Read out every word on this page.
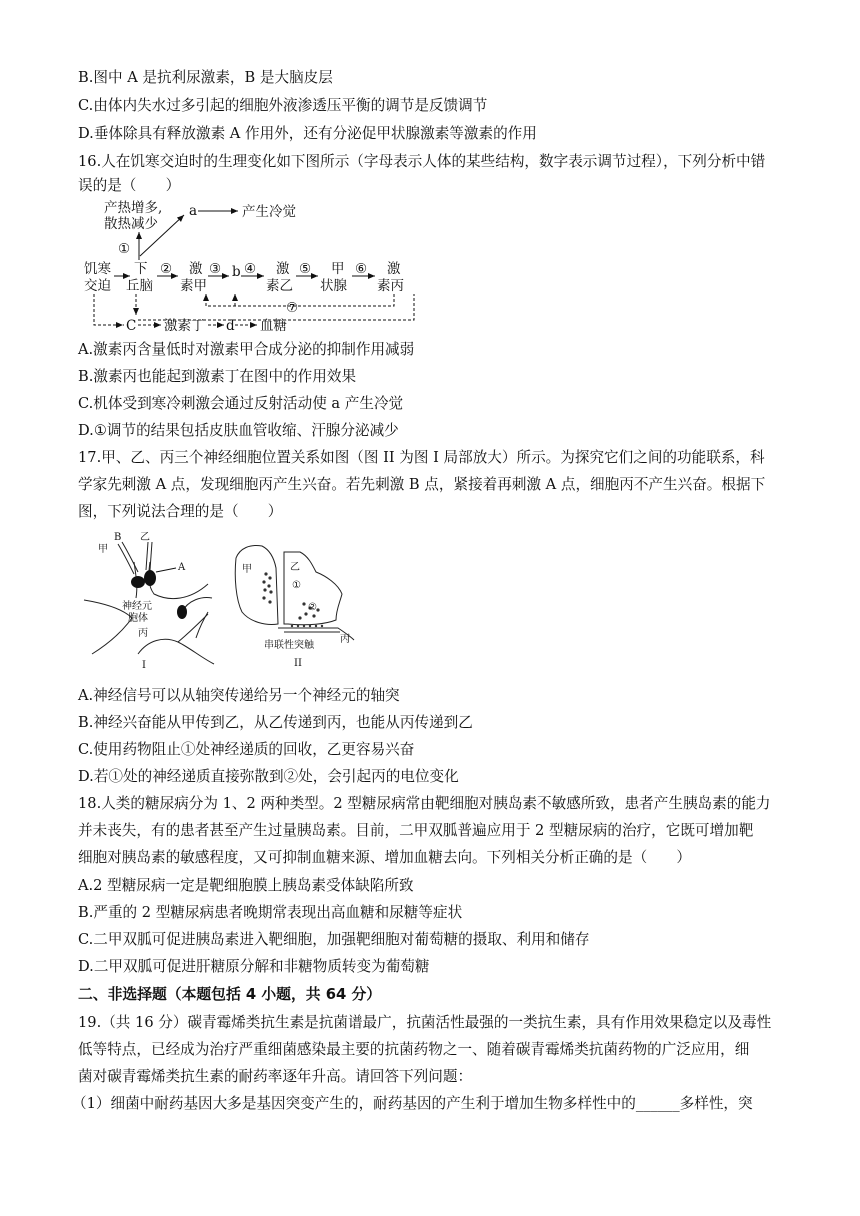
B.图中 A 是抗利尿激素，B 是大脑皮层
C.由体内失水过多引起的细胞外液渗透压平衡的调节是反馈调节
D.垂体除具有释放激素 A 作用外，还有分泌促甲状腺激素等激素的作用
16.人在饥寒交迫时的生理变化如下图所示（字母表示人体的某些结构，数字表示调节过程），下列分析中错
误的是（　　）
产热增多,
散热减少
a	产生冷觉
①
饥寒
交迫
下
丘脑
② 激
素甲
③ b ④ 激
素乙
⑤ 甲
状腺
⑥ 激
素丙
⑦
C 激素丁 d 血糖
A.激素丙含量低时对激素甲合成分泌的抑制作用减弱
B.激素丙也能起到激素丁在图中的作用效果
C.机体受到寒冷刺激会通过反射活动使 a 产生冷觉
D.①调节的结果包括皮肤血管收缩、汗腺分泌减少
17.甲、乙、丙三个神经细胞位置关系如图（图 II 为图 I 局部放大）所示。为探究它们之间的功能联系，科
学家先刺激 A 点，发现细胞丙产生兴奋。若先刺激 B 点，紧接着再刺激 A 点，细胞丙不产生兴奋。根据下
图，下列说法合理的是（　　）
甲
B 乙
A
神经元
胞体
丙
I
甲	乙
①
②
丙
串联性突触
II
A.神经信号可以从轴突传递给另一个神经元的轴突
B.神经兴奋能从甲传到乙，从乙传递到丙，也能从丙传递到乙
C.使用药物阻止①处神经递质的回收，乙更容易兴奋
D.若①处的神经递质直接弥散到②处，会引起丙的电位变化
18.人类的糖尿病分为 1、2 两种类型。2 型糖尿病常由靶细胞对胰岛素不敏感所致，患者产生胰岛素的能力
并未丧失，有的患者甚至产生过量胰岛素。目前，二甲双胍普遍应用于 2 型糖尿病的治疗，它既可增加靶
细胞对胰岛素的敏感程度，又可抑制血糖来源、增加血糖去向。下列相关分析正确的是（　　）
A.2 型糖尿病一定是靶细胞膜上胰岛素受体缺陷所致
B.严重的 2 型糖尿病患者晚期常表现出高血糖和尿糖等症状
C.二甲双胍可促进胰岛素进入靶细胞，加强靶细胞对葡萄糖的摄取、利用和储存
D.二甲双胍可促进肝糖原分解和非糖物质转变为葡萄糖
二、非选择题（本题包括 4 小题，共 64 分）
19.（共 16 分）碳青霉烯类抗生素是抗菌谱最广，抗菌活性最强的一类抗生素，具有作用效果稳定以及毒性
低等特点，已经成为治疗严重细菌感染最主要的抗菌药物之一、随着碳青霉烯类抗菌药物的广泛应用，细
菌对碳青霉烯类抗生素的耐药率逐年升高。请回答下列问题：
（1）细菌中耐药基因大多是基因突变产生的，耐药基因的产生利于增加生物多样性中的______多样性，突
